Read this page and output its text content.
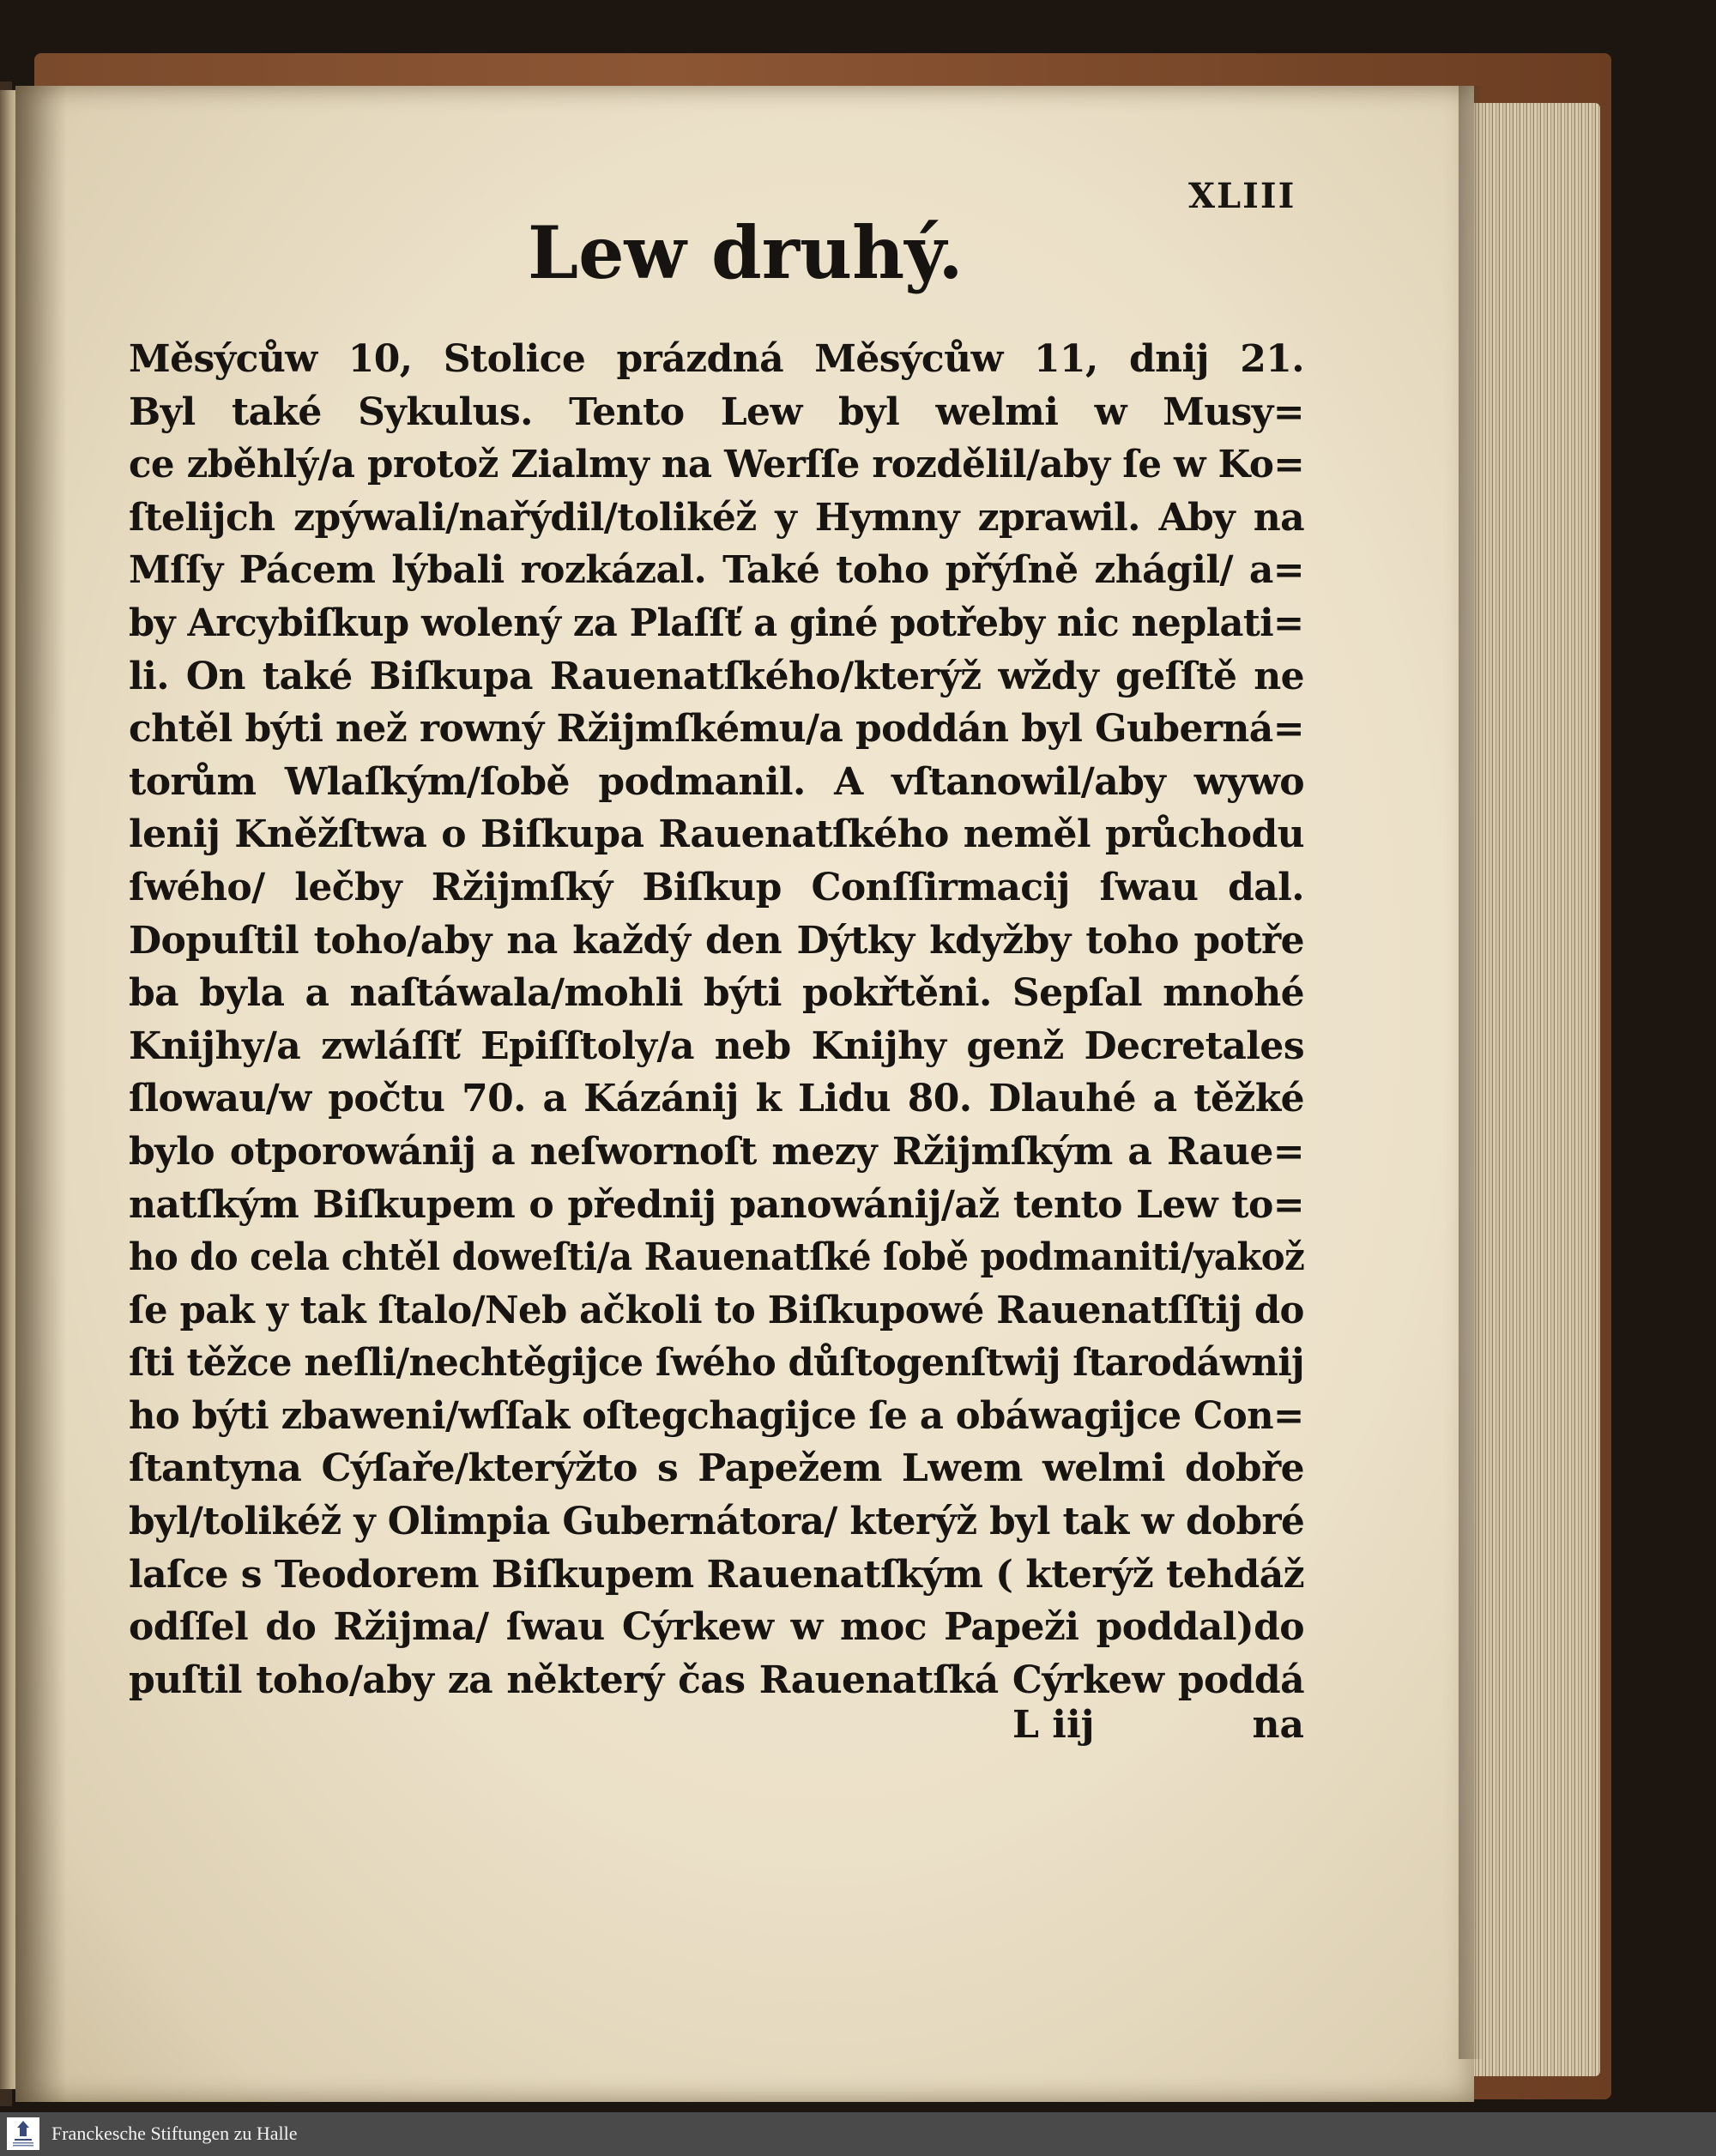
XLIII
Lew druhý.
Měsýcůw 10, Stolice prázdná Měsýcůw 11, dnij 21.
Byl také Sykulus. Tento Lew byl welmi w Musy=
ce zběhlý/a protož Zialmy na Werſſe rozdělil/aby ſe w Ko=
ſtelijch zpýwali/nařýdil/tolikéž y Hymny zprawil. Aby na
Mſſy Pácem lýbali rozkázal. Také toho přýſně zhágil/ a=
by Arcybiſkup wolený za Plaſſť a giné potřeby nic neplati=
li. On také Biſkupa Rauenatſkého/kterýž wždy geſſtě ne
chtěl býti než rowný Ržijmſkému/a poddán byl Guberná=
torům Wlaſkým/ſobě podmanil. A vſtanowil/aby wywo
lenij Kněžſtwa o Biſkupa Rauenatſkého neměl průchodu
ſwého/ lečby Ržijmſký Biſkup Conſſirmacij ſwau dal.
Dopuſtil toho/aby na každý den Dýtky kdyžby toho potře
ba byla a naſtáwala/mohli býti pokřtěni. Sepſal mnohé
Knijhy/a zwláſſť Epiſſtoly/a neb Knijhy genž Decretales
ſlowau/w počtu 70. a Kázánij k Lidu 80. Dlauhé a těžké
bylo otporowánij a neſwornoſt mezy Ržijmſkým a Raue=
natſkým Biſkupem o přednij panowánij/až tento Lew to=
ho do cela chtěl doweſti/a Rauenatſké ſobě podmaniti/yakož
ſe pak y tak ſtalo/Neb ačkoli to Biſkupowé Rauenatſſtij do
ſti těžce neſli/nechtěgijce ſwého důſtogenſtwij ſtarodáwnij
ho býti zbaweni/wſſak oſtegchagijce ſe a obáwagijce Con=
ſtantyna Cýſaře/kterýžto s Papežem Lwem welmi dobře
byl/tolikéž y Olimpia Gubernátora/ kterýž byl tak w dobré
laſce s Teodorem Biſkupem Rauenatſkým ( kterýž tehdáž
odſſel do Ržijma/ ſwau Cýrkew w moc Papeži poddal)do
puſtil toho/aby za některý čas Rauenatſká Cýrkew poddá
L iij	na
Franckesche Stiftungen zu Halle
